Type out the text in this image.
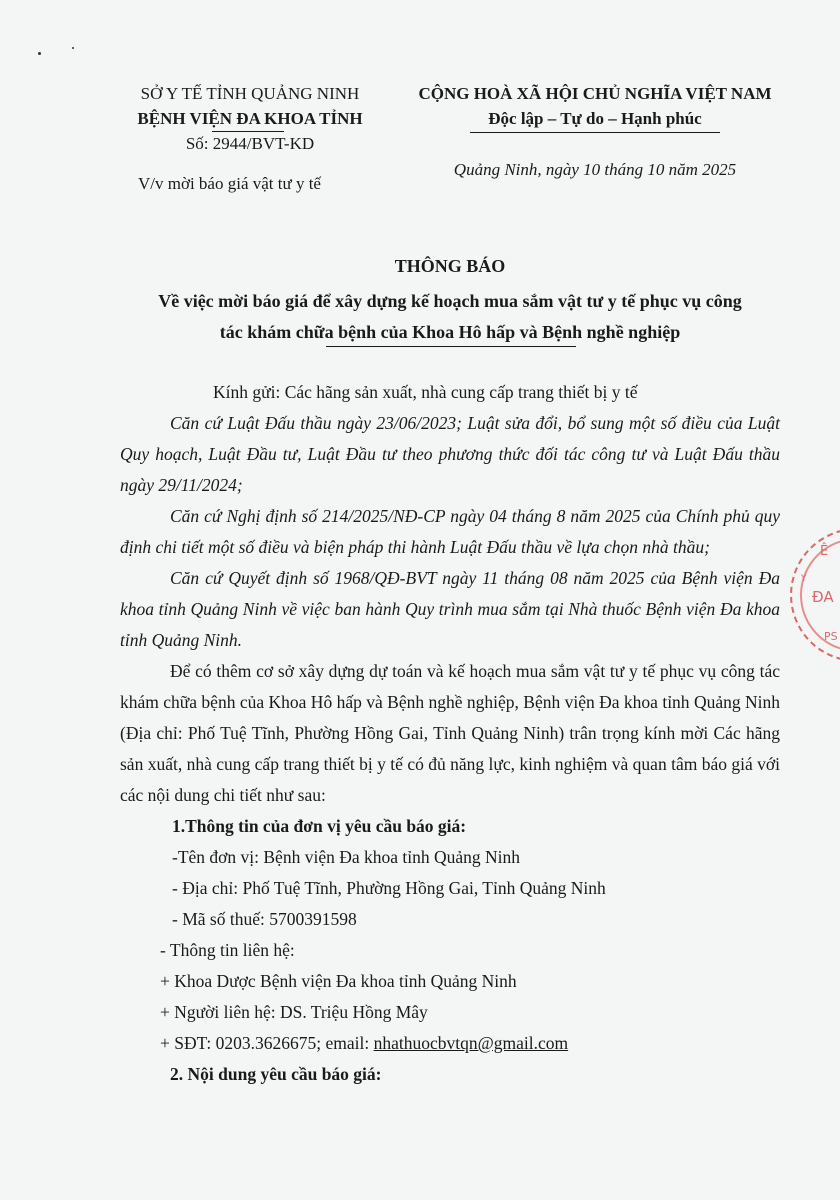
SỞ Y TẾ TỈNH QUẢNG NINH
BỆNH VIỆN ĐA KHOA TỈNH
Số: 2944/BVT-KD
V/v mời báo giá vật tư y tế
CỘNG HOÀ XÃ HỘI CHỦ NGHĨA VIỆT NAM
Độc lập – Tự do – Hạnh phúc
Quảng Ninh, ngày 10 tháng 10 năm 2025
THÔNG BÁO
Về việc mời báo giá để xây dựng kế hoạch mua sắm vật tư y tế phục vụ công
tác khám chữa bệnh của Khoa Hô hấp và Bệnh nghề nghiệp
Kính gửi: Các hãng sản xuất, nhà cung cấp trang thiết bị y tế
Căn cứ Luật Đấu thầu ngày 23/06/2023; Luật sửa đổi, bổ sung một số điều của Luật Quy hoạch, Luật Đầu tư, Luật Đầu tư theo phương thức đối tác công tư và Luật Đấu thầu ngày 29/11/2024;
Căn cứ Nghị định số 214/2025/NĐ-CP ngày 04 tháng 8 năm 2025 của Chính phủ quy định chi tiết một số điều và biện pháp thi hành Luật Đấu thầu về lựa chọn nhà thầu;
Căn cứ Quyết định số 1968/QĐ-BVT ngày 11 tháng 08 năm 2025 của Bệnh viện Đa khoa tỉnh Quảng Ninh về việc ban hành Quy trình mua sắm tại Nhà thuốc Bệnh viện Đa khoa tỉnh Quảng Ninh.
Để có thêm cơ sở xây dựng dự toán và kế hoạch mua sắm vật tư y tế phục vụ công tác khám chữa bệnh của Khoa Hô hấp và Bệnh nghề nghiệp, Bệnh viện Đa khoa tỉnh Quảng Ninh (Địa chỉ: Phố Tuệ Tĩnh, Phường Hồng Gai, Tỉnh Quảng Ninh) trân trọng kính mời Các hãng sản xuất, nhà cung cấp trang thiết bị y tế có đủ năng lực, kinh nghiệm và quan tâm báo giá với các nội dung chi tiết như sau:
1.Thông tin của đơn vị yêu cầu báo giá:
-Tên đơn vị: Bệnh viện Đa khoa tỉnh Quảng Ninh
- Địa chỉ: Phố Tuệ Tĩnh, Phường Hồng Gai, Tỉnh Quảng Ninh
- Mã số thuế: 5700391598
- Thông tin liên hệ:
+ Khoa Dược Bệnh viện Đa khoa tỉnh Quảng Ninh
+ Người liên hệ: DS. Triệu Hồng Mây
+ SĐT: 0203.3626675; email: nhathuocbvtqn@gmail.com
2. Nội dung yêu cầu báo giá:
Ê
ĐA
Y
PS
